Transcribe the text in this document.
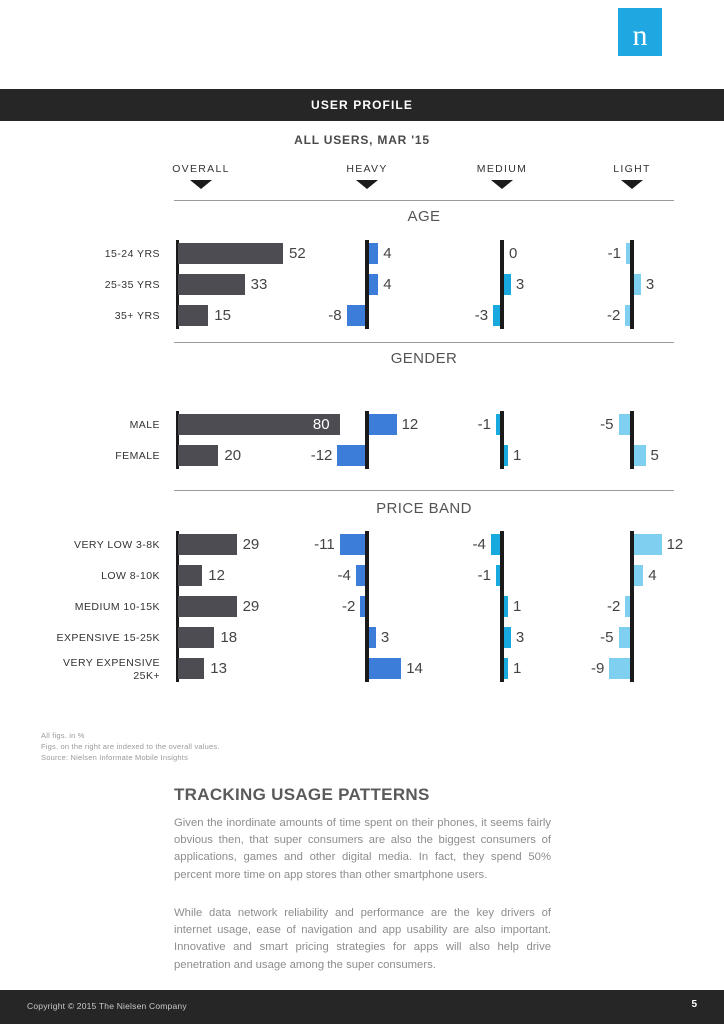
n
USER PROFILE
ALL USERS, MAR '15
OVERALL	HEAVY	MEDIUM	LIGHT
AGE
15-24 YRS	52	4	0	-1
25-35 YRS	33	4	3	3
35+ YRS	15	-8	-3	-2
GENDER
MALE	80	12	-1	-5
FEMALE	20	-12	1	5
PRICE BAND
VERY LOW 3-8K	29	-11	-4	12
LOW 8-10K	12	-4	-1	4
MEDIUM 10-15K	29	-2	1	-2
EXPENSIVE 15-25K	18	3	3	-5
VERY EXPENSIVE
25K+	13	14	1	-9
All figs. in %
Figs. on the right are indexed to the overall values.
Source: Nielsen Informate Mobile Insights
TRACKING USAGE PATTERNS
Given the inordinate amounts of time spent on their phones, it seems fairly obvious then, that super consumers are also the biggest consumers of applications, games and other digital media. In fact, they spend 50% percent more time on app stores than other smartphone users.
While data network reliability and performance are the key drivers of internet usage, ease of navigation and app usability are also important. Innovative and smart pricing strategies for apps will also help drive penetration and usage among the super consumers.
Copyright © 2015 The Nielsen Company	5
